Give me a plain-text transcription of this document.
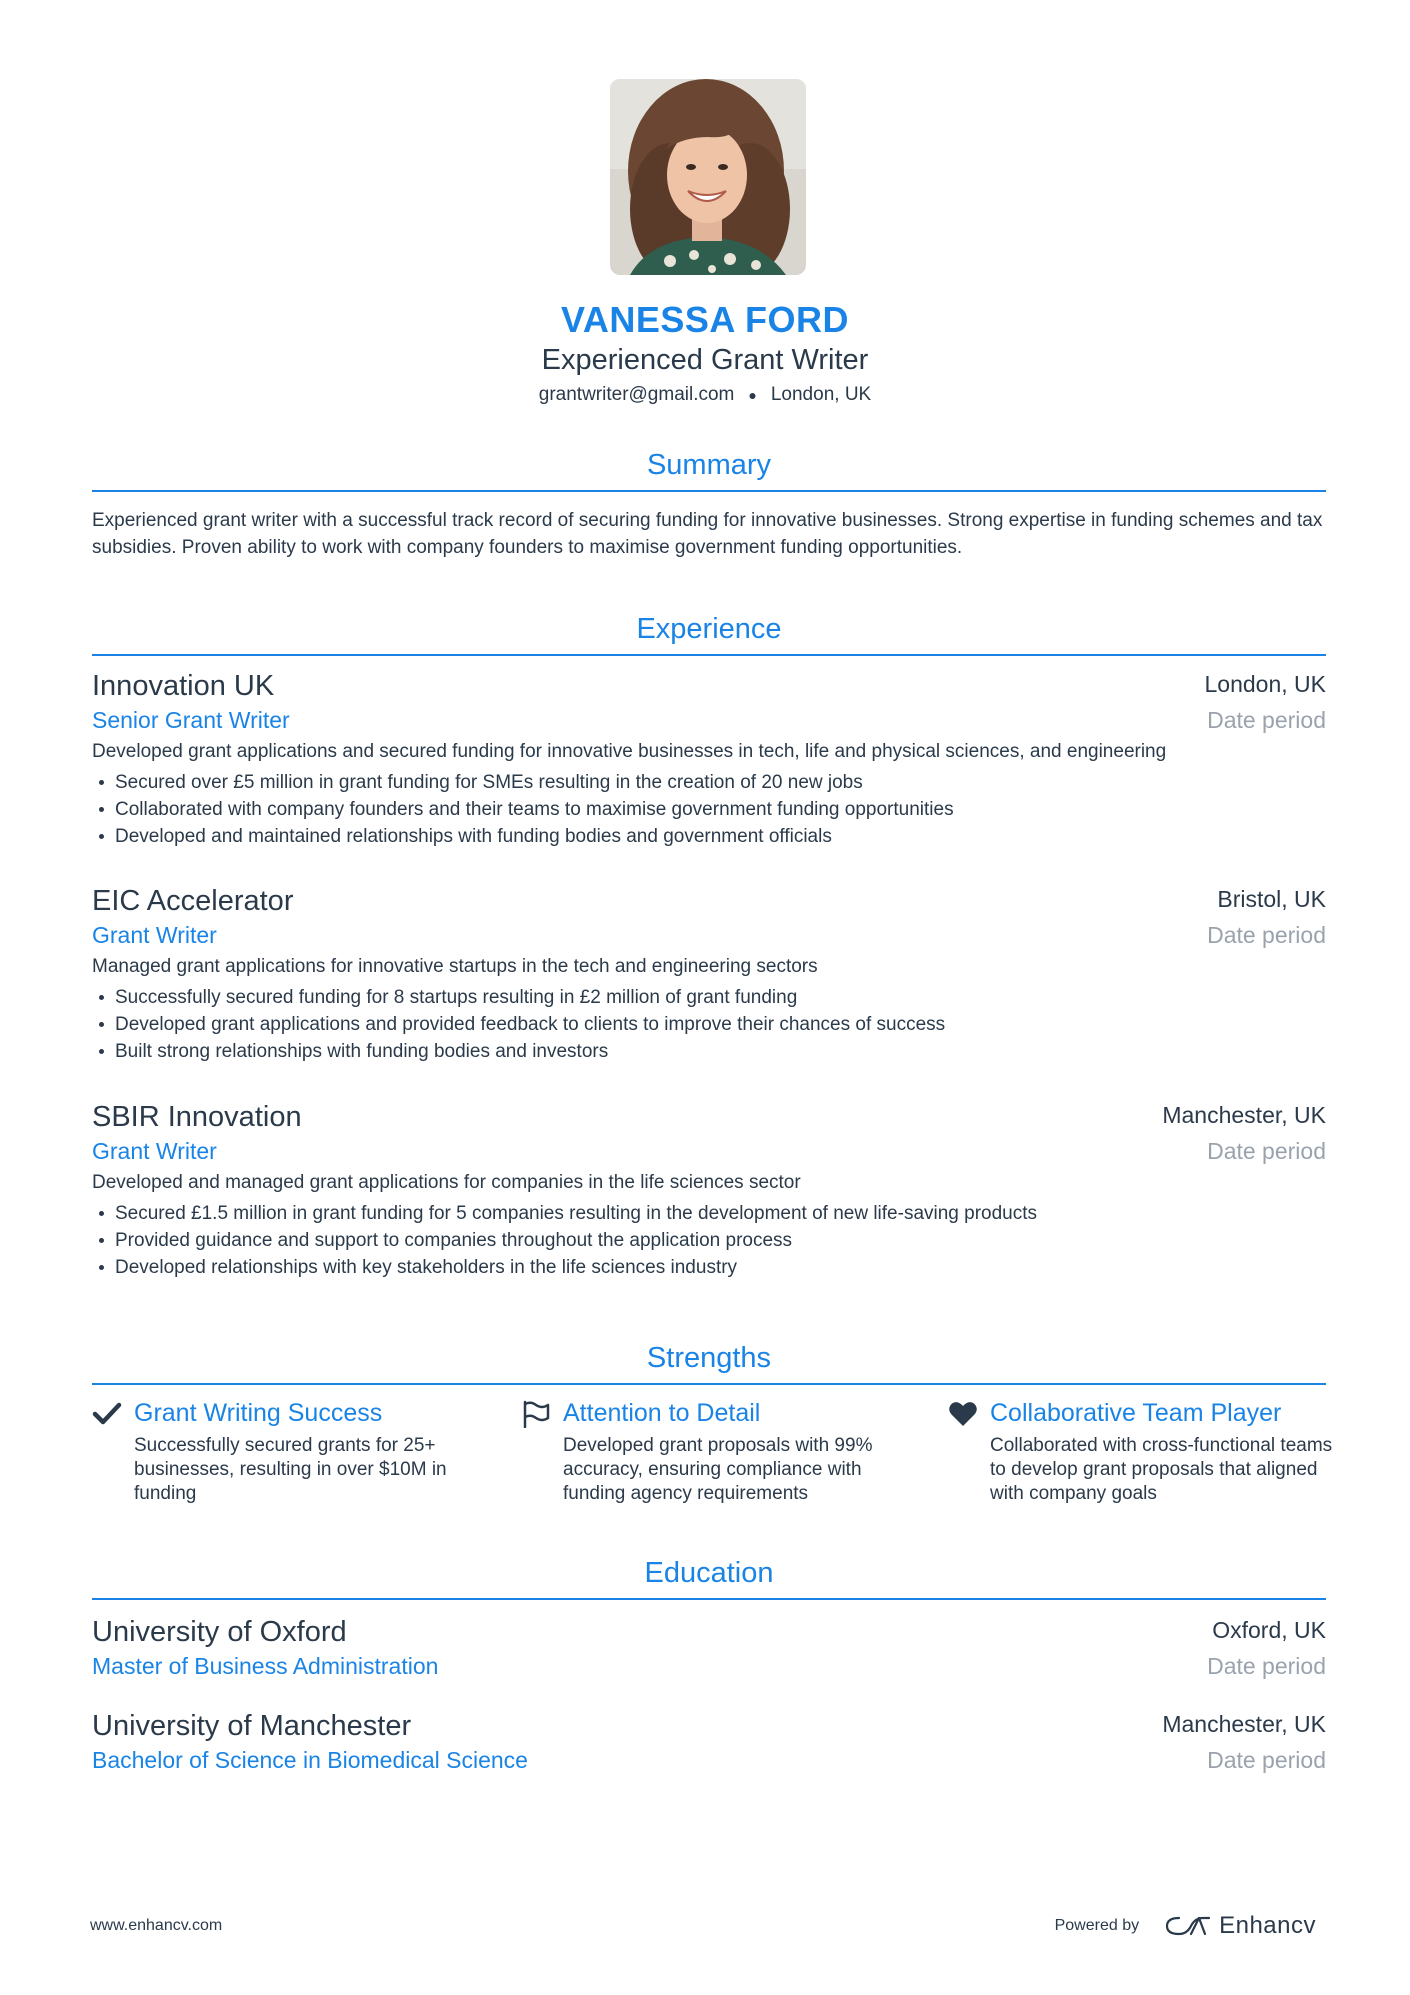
VANESSA FORD
Experienced Grant Writer
grantwriter@gmail.com ● London, UK
Summary
Experienced grant writer with a successful track record of securing funding for innovative businesses. Strong expertise in funding schemes and tax subsidies. Proven ability to work with company founders to maximise government funding opportunities.
Experience
Innovation UK
Senior Grant Writer
London, UK
Date period
Developed grant applications and secured funding for innovative businesses in tech, life and physical sciences, and engineering
Secured over £5 million in grant funding for SMEs resulting in the creation of 20 new jobs
Collaborated with company founders and their teams to maximise government funding opportunities
Developed and maintained relationships with funding bodies and government officials
EIC Accelerator
Grant Writer
Bristol, UK
Date period
Managed grant applications for innovative startups in the tech and engineering sectors
Successfully secured funding for 8 startups resulting in £2 million of grant funding
Developed grant applications and provided feedback to clients to improve their chances of success
Built strong relationships with funding bodies and investors
SBIR Innovation
Grant Writer
Manchester, UK
Date period
Developed and managed grant applications for companies in the life sciences sector
Secured £1.5 million in grant funding for 5 companies resulting in the development of new life-saving products
Provided guidance and support to companies throughout the application process
Developed relationships with key stakeholders in the life sciences industry
Strengths
Grant Writing Success
Successfully secured grants for 25+ businesses, resulting in over $10M in funding
Attention to Detail
Developed grant proposals with 99% accuracy, ensuring compliance with funding agency requirements
Collaborative Team Player
Collaborated with cross-functional teams to develop grant proposals that aligned with company goals
Education
University of Oxford
Master of Business Administration
Oxford, UK
Date period
University of Manchester
Bachelor of Science in Biomedical Science
Manchester, UK
Date period
www.enhancv.com	Powered by	Enhancv
